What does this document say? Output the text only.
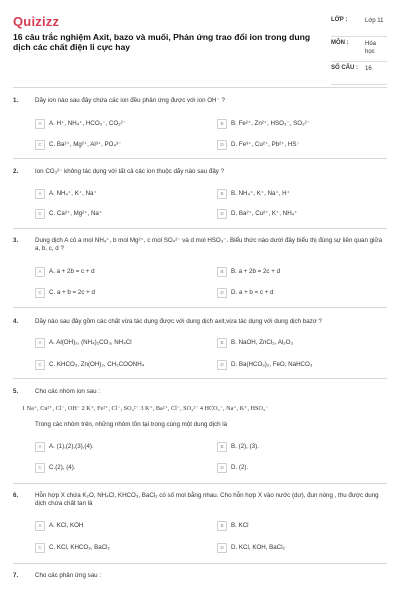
Quizizz
16 câu trắc nghiệm Axit, bazo và muối, Phản ứng trao đổi ion trong dung dịch các chất điện li cực hay
LỚP :	Lớp 11
MÔN :	Hóa học
SỐ CÂU : 16
1.	Dãy ion nào sau đây chứa các ion đều phản ứng được với ion OH⁻ ?
A	A. H⁺, NH₄⁺, HCO₃⁻, CO₃²⁻	B	B. Fe²⁺, Zn²⁺, HSO₃⁻, SO₃²⁻
C	C. Ba²⁺, Mg²⁺, Al³⁺, PO₄³⁻	D	D. Fe³⁺, Cu²⁺, Pb²⁺, HS⁻
2.	Ion CO₃²⁻ không tác dụng với tất cả các ion thuộc dãy nào sau đây ?
A	A. NH₄⁺, K⁺, Na⁺	B	B. NH₄⁺, K⁺, Na⁺, H⁺
C	C. Ca²⁺, Mg²⁺, Na⁺	D	D. Ba²⁺, Cu²⁺, K⁺, NH₄⁺
3.	Dung dịch A có a mol NH₄⁺, b mol Mg²⁺, c mol SO₄²⁻ và d mol HSO₃⁻. Biểu thức nào dưới đây biểu thị đúng sự liên quan giữa a, b, c, d ?
A	A. a + 2b = c + d	B	B. a + 2b = 2c + d
C	C. a + b = 2c + d	D	D. a + b = c + d
4.	Dãy nào sau đây gồm các chất vừa tác dụng được với dung dịch axit,vừa tác dụng với dung dịch bazơ ?
A	A. Al(OH)₃, (NH₄)₂CO₃, NH₄Cl	B	B. NaOH, ZnCl₂, Al₂O₃
C	C. KHCO₃, Zn(OH)₂, CH₃COONH₄	D	D. Ba(HCO₃)₂, FeO, NaHCO₃
5.	Cho các nhóm ion sau :
1 Na⁺, Cu²⁺, Cl⁻, OH⁻ 2 K⁺, Fe²⁺, Cl⁻, SO₄²⁻ 3 K⁺, Ba²⁺, Cl⁻, SO₄²⁻ 4 HCO₃⁻, Na⁺, K⁺, HSO₄⁻
Trong các nhóm trên, những nhóm tồn tại trong cùng một dung dịch là
A	A. (1),(2),(3),(4).	B	B. (2), (3).
C	C.(2), (4).	D	D. (2).
6.	Hỗn hợp X chứa K₂O, NH₄Cl, KHCO₃, BaCl₂ có số mol bằng nhau. Cho hỗn hợp X vào nước (dư), đun nóng , thu được dung dịch chứa chất tan là
A	A. KCl, KOH	B	B. KCl
C	C. KCl, KHCO₃, BaCl₂	D	D. KCl, KOH, BaCl₂
7.	Cho các phản ứng sau :
